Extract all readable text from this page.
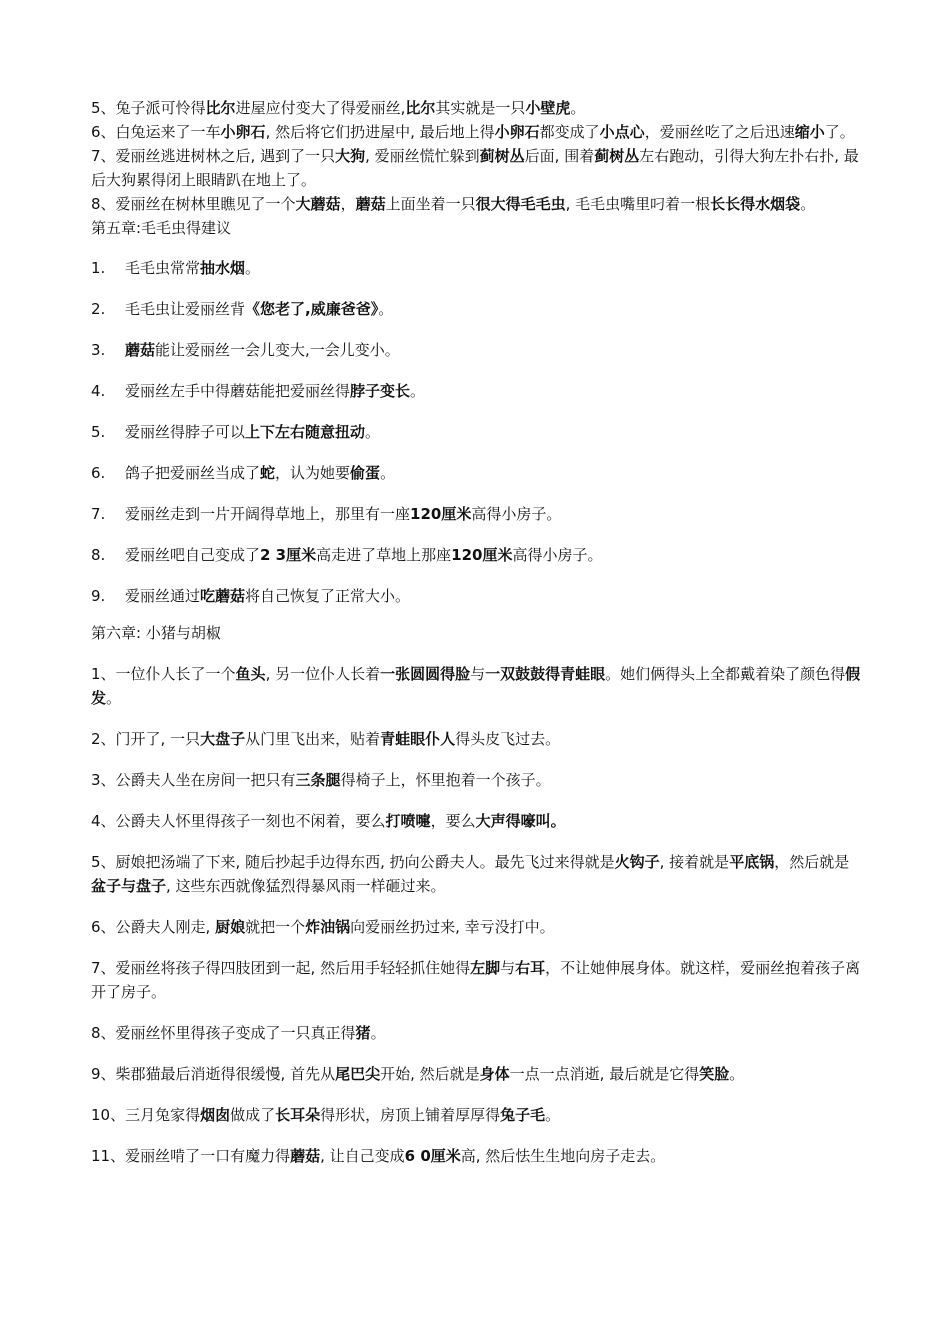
5、兔子派可怜得比尔进屋应付变大了得爱丽丝,比尔其实就是一只小壁虎。

6、白兔运来了一车小卵石, 然后将它们扔进屋中, 最后地上得小卵石都变成了小点心，爱丽丝吃了之后迅速缩小了。

7、爱丽丝逃进树林之后, 遇到了一只大狗, 爱丽丝慌忙躲到蓟树丛后面, 围着蓟树丛左右跑动，引得大狗左扑右扑, 最后大狗累得闭上眼睛趴在地上了。

8、爱丽丝在树林里瞧见了一个大蘑菇，蘑菇上面坐着一只很大得毛毛虫, 毛毛虫嘴里叼着一根长长得水烟袋。

第五章:毛毛虫得建议

1.	毛毛虫常常抽水烟。
2.	毛毛虫让爱丽丝背《您老了,威廉爸爸》。
3.	蘑菇能让爱丽丝一会儿变大,一会儿变小。
4.	爱丽丝左手中得蘑菇能把爱丽丝得脖子变长。
5.	爱丽丝得脖子可以上下左右随意扭动。
6.	鸽子把爱丽丝当成了蛇，认为她要偷蛋。
7.	爱丽丝走到一片开阔得草地上，那里有一座120厘米高得小房子。
8.	爱丽丝吧自己变成了2 3厘米高走进了草地上那座120厘米高得小房子。
9.	爱丽丝通过吃蘑菇将自己恢复了正常大小。

第六章: 小猪与胡椒

1、一位仆人长了一个鱼头, 另一位仆人长着一张圆圆得脸与一双鼓鼓得青蛙眼。她们俩得头上全都戴着染了颜色得假发。

2、门开了, 一只大盘子从门里飞出来，贴着青蛙眼仆人得头皮飞过去。

3、公爵夫人坐在房间一把只有三条腿得椅子上，怀里抱着一个孩子。

4、公爵夫人怀里得孩子一刻也不闲着，要么打喷嚏，要么大声得嚎叫。

5、厨娘把汤端了下来, 随后抄起手边得东西, 扔向公爵夫人。最先飞过来得就是火钩子, 接着就是平底锅，然后就是盆子与盘子, 这些东西就像猛烈得暴风雨一样砸过来。

6、公爵夫人刚走, 厨娘就把一个炸油锅向爱丽丝扔过来, 幸亏没打中。

7、爱丽丝将孩子得四肢团到一起, 然后用手轻轻抓住她得左脚与右耳，不让她伸展身体。就这样，爱丽丝抱着孩子离开了房子。

8、爱丽丝怀里得孩子变成了一只真正得猪。

9、柴郡猫最后消逝得很缓慢, 首先从尾巴尖开始, 然后就是身体一点一点消逝, 最后就是它得笑脸。

10、三月兔家得烟囱做成了长耳朵得形状，房顶上铺着厚厚得兔子毛。

11、爱丽丝啃了一口有魔力得蘑菇, 让自己变成6 0厘米高, 然后怯生生地向房子走去。
